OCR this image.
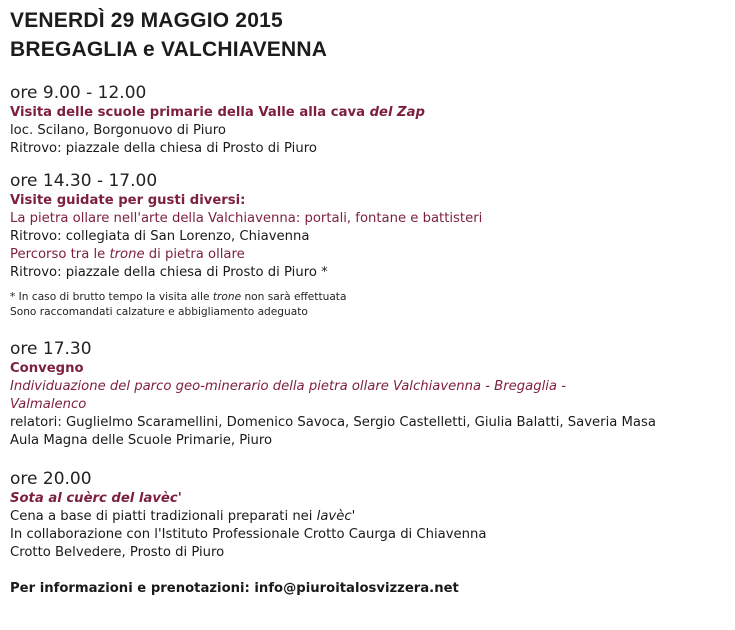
VENERDÌ 29 MAGGIO 2015

BREGAGLIA e VALCHIAVENNA

ore 9.00 - 12.00

Visita delle scuole primarie della Valle alla cava del Zap

loc. Scilano, Borgonuovo di Piuro

Ritrovo: piazzale della chiesa di Prosto di Piuro

ore 14.30 - 17.00

Visite guidate per gusti diversi:

La pietra ollare nell'arte della Valchiavenna: portali, fontane e battisteri

Ritrovo: collegiata di San Lorenzo, Chiavenna

Percorso tra le trone di pietra ollare

Ritrovo: piazzale della chiesa di Prosto di Piuro *

* In caso di brutto tempo la visita alle trone non sarà effettuata

Sono raccomandati calzature e abbigliamento adeguato

ore 17.30

Convegno

Individuazione del parco geo-minerario della pietra ollare Valchiavenna - Bregaglia - Valmalenco

relatori: Guglielmo Scaramellini, Domenico Savoca, Sergio Castelletti, Giulia Balatti, Saveria Masa

Aula Magna delle Scuole Primarie, Piuro

ore 20.00

Sota al cuèrc del lavèc'

Cena a base di piatti tradizionali preparati nei lavèc'

In collaborazione con l'Istituto Professionale Crotto Caurga di Chiavenna

Crotto Belvedere, Prosto di Piuro

Per informazioni e prenotazioni: info@piuroitalosvizzera.net
